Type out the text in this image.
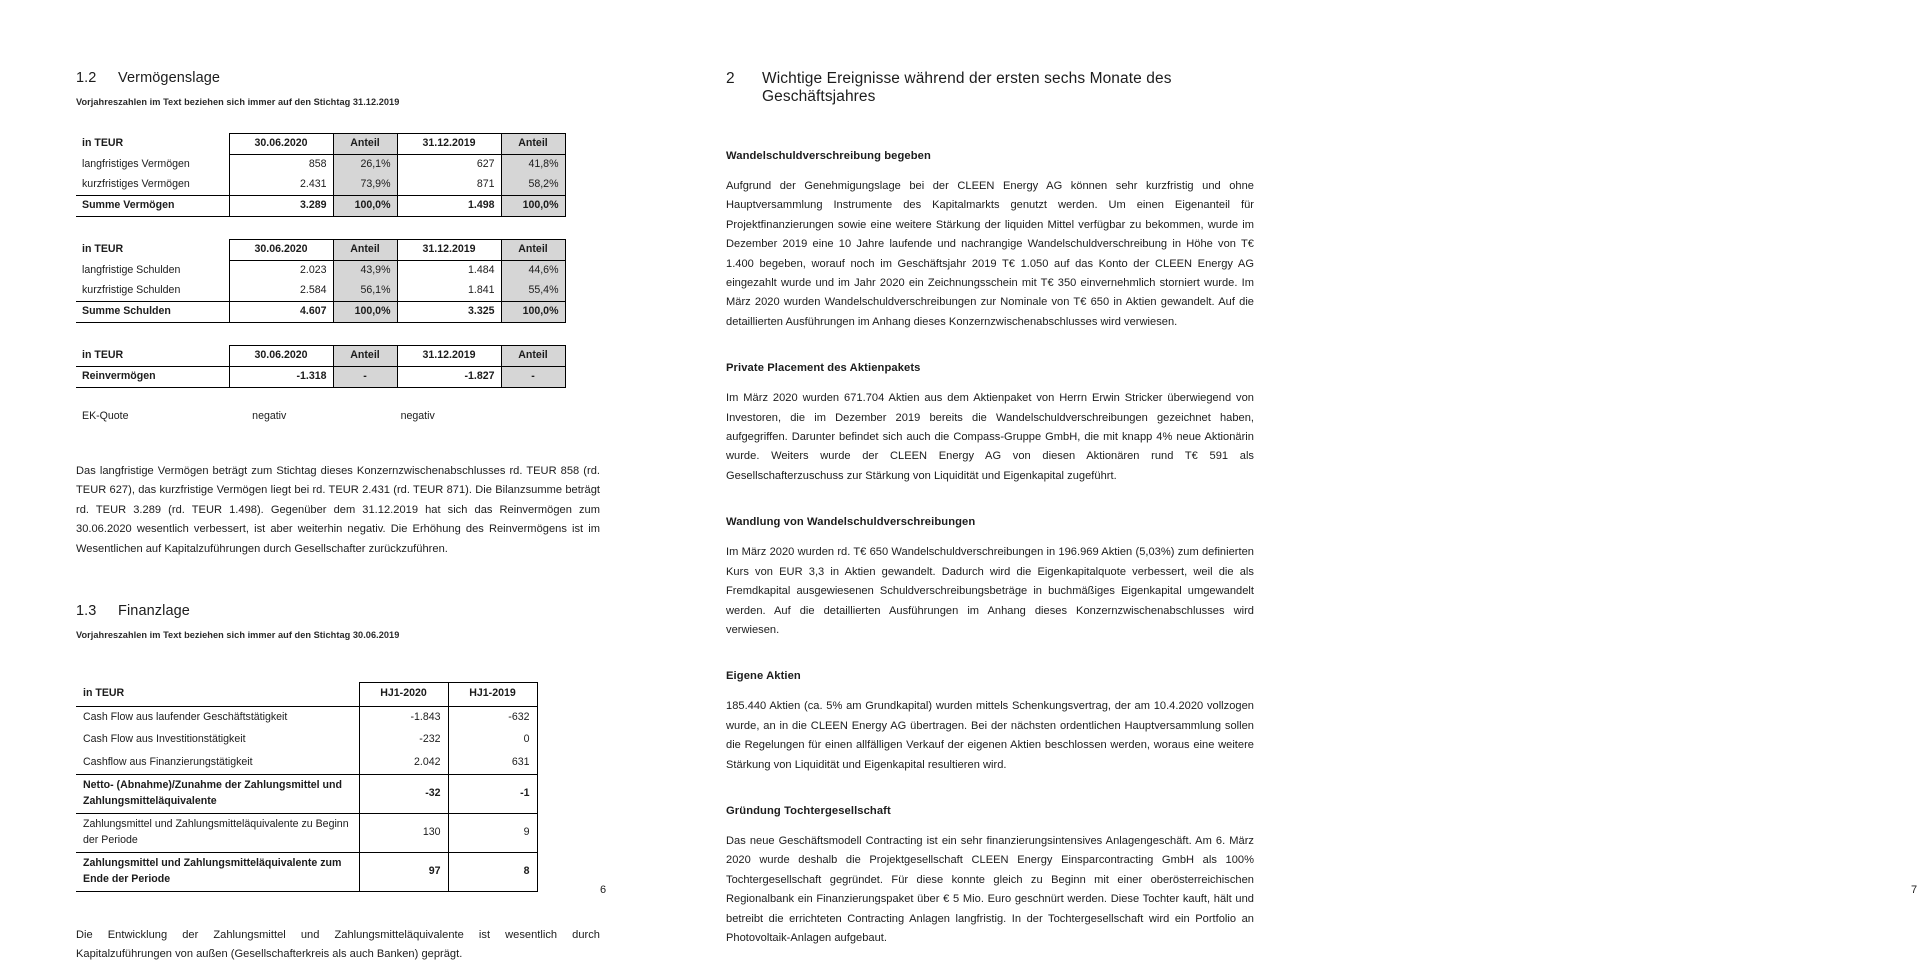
1.2	Vermögenslage
Vorjahreszahlen im Text beziehen sich immer auf den Stichtag 31.12.2019
in TEUR	30.06.2020	Anteil	31.12.2019	Anteil
langfristiges Vermögen	858	26,1%	627	41,8%
kurzfristiges Vermögen	2.431	73,9%	871	58,2%
Summe Vermögen	3.289	100,0%	1.498	100,0%
in TEUR	30.06.2020	Anteil	31.12.2019	Anteil
langfristige Schulden	2.023	43,9%	1.484	44,6%
kurzfristige Schulden	2.584	56,1%	1.841	55,4%
Summe Schulden	4.607	100,0%	3.325	100,0%
in TEUR	30.06.2020	Anteil	31.12.2019	Anteil
Reinvermögen	-1.318	-	-1.827	-
EK-Quote	negativ	negativ

Das langfristige Vermögen beträgt zum Stichtag dieses Konzernzwischenabschlusses rd. TEUR 858 (rd. TEUR 627), das kurzfristige Vermögen liegt bei rd. TEUR 2.431 (rd. TEUR 871). Die Bilanzsumme beträgt rd. TEUR 3.289 (rd. TEUR 1.498). Gegenüber dem 31.12.2019 hat sich das Reinvermögen zum 30.06.2020 wesentlich verbessert, ist aber weiterhin negativ. Die Erhöhung des Reinvermögens ist im Wesentlichen auf Kapitalzuführungen durch Gesellschafter zurückzuführen.

1.3	Finanzlage
Vorjahreszahlen im Text beziehen sich immer auf den Stichtag 30.06.2019
in TEUR	HJ1-2020	HJ1-2019
Cash Flow aus laufender Geschäftstätigkeit	-1.843	-632
Cash Flow aus Investitionstätigkeit	-232	0
Cashflow aus Finanzierungstätigkeit	2.042	631
Netto- (Abnahme)/Zunahme der Zahlungsmittel und Zahlungsmitteläquivalente	-32	-1
Zahlungsmittel und Zahlungsmitteläquivalente zu Beginn der Periode	130	9
Zahlungsmittel und Zahlungsmitteläquivalente zum Ende der Periode	97	8

Die Entwicklung der Zahlungsmittel und Zahlungsmitteläquivalente ist wesentlich durch Kapitalzuführungen von außen (Gesellschafterkreis als auch Banken) geprägt.

6
2	Wichtige Ereignisse während der ersten sechs Monate des Geschäftsjahres
Wandelschuldverschreibung begeben

Aufgrund der Genehmigungslage bei der CLEEN Energy AG können sehr kurzfristig und ohne Hauptversammlung Instrumente des Kapitalmarkts genutzt werden. Um einen Eigenanteil für Projektfinanzierungen sowie eine weitere Stärkung der liquiden Mittel verfügbar zu bekommen, wurde im Dezember 2019 eine 10 Jahre laufende und nachrangige Wandelschuldverschreibung in Höhe von T€ 1.400 begeben, worauf noch im Geschäftsjahr 2019 T€ 1.050 auf das Konto der CLEEN Energy AG eingezahlt wurde und im Jahr 2020 ein Zeichnungsschein mit T€ 350 einvernehmlich storniert wurde. Im März 2020 wurden Wandelschuldverschreibungen zur Nominale von T€ 650 in Aktien gewandelt. Auf die detaillierten Ausführungen im Anhang dieses Konzernzwischenabschlusses wird verwiesen.

Private Placement des Aktienpakets

Im März 2020 wurden 671.704 Aktien aus dem Aktienpaket von Herrn Erwin Stricker überwiegend von Investoren, die im Dezember 2019 bereits die Wandelschuldverschreibungen gezeichnet haben, aufgegriffen. Darunter befindet sich auch die Compass-Gruppe GmbH, die mit knapp 4% neue Aktionärin wurde. Weiters wurde der CLEEN Energy AG von diesen Aktionären rund T€ 591 als Gesellschafterzuschuss zur Stärkung von Liquidität und Eigenkapital zugeführt.

Wandlung von Wandelschuldverschreibungen

Im März 2020 wurden rd. T€ 650 Wandelschuldverschreibungen in 196.969 Aktien (5,03%) zum definierten Kurs von EUR 3,3 in Aktien gewandelt. Dadurch wird die Eigenkapitalquote verbessert, weil die als Fremdkapital ausgewiesenen Schuldverschreibungsbeträge in buchmäßiges Eigenkapital umgewandelt werden. Auf die detaillierten Ausführungen im Anhang dieses Konzernzwischenabschlusses wird verwiesen.

Eigene Aktien

185.440 Aktien (ca. 5% am Grundkapital) wurden mittels Schenkungsvertrag, der am 10.4.2020 vollzogen wurde, an in die CLEEN Energy AG übertragen. Bei der nächsten ordentlichen Hauptversammlung sollen die Regelungen für einen allfälligen Verkauf der eigenen Aktien beschlossen werden, woraus eine weitere Stärkung von Liquidität und Eigenkapital resultieren wird.

Gründung Tochtergesellschaft

Das neue Geschäftsmodell Contracting ist ein sehr finanzierungsintensives Anlagengeschäft. Am 6. März 2020 wurde deshalb die Projektgesellschaft CLEEN Energy Einsparcontracting GmbH als 100% Tochtergesellschaft gegründet. Für diese konnte gleich zu Beginn mit einer oberösterreichischen Regionalbank ein Finanzierungspaket über € 5 Mio. Euro geschnürt werden. Diese Tochter kauft, hält und betreibt die errichteten Contracting Anlagen langfristig. In der Tochtergesellschaft wird ein Portfolio an Photovoltaik-Anlagen aufgebaut.

7
